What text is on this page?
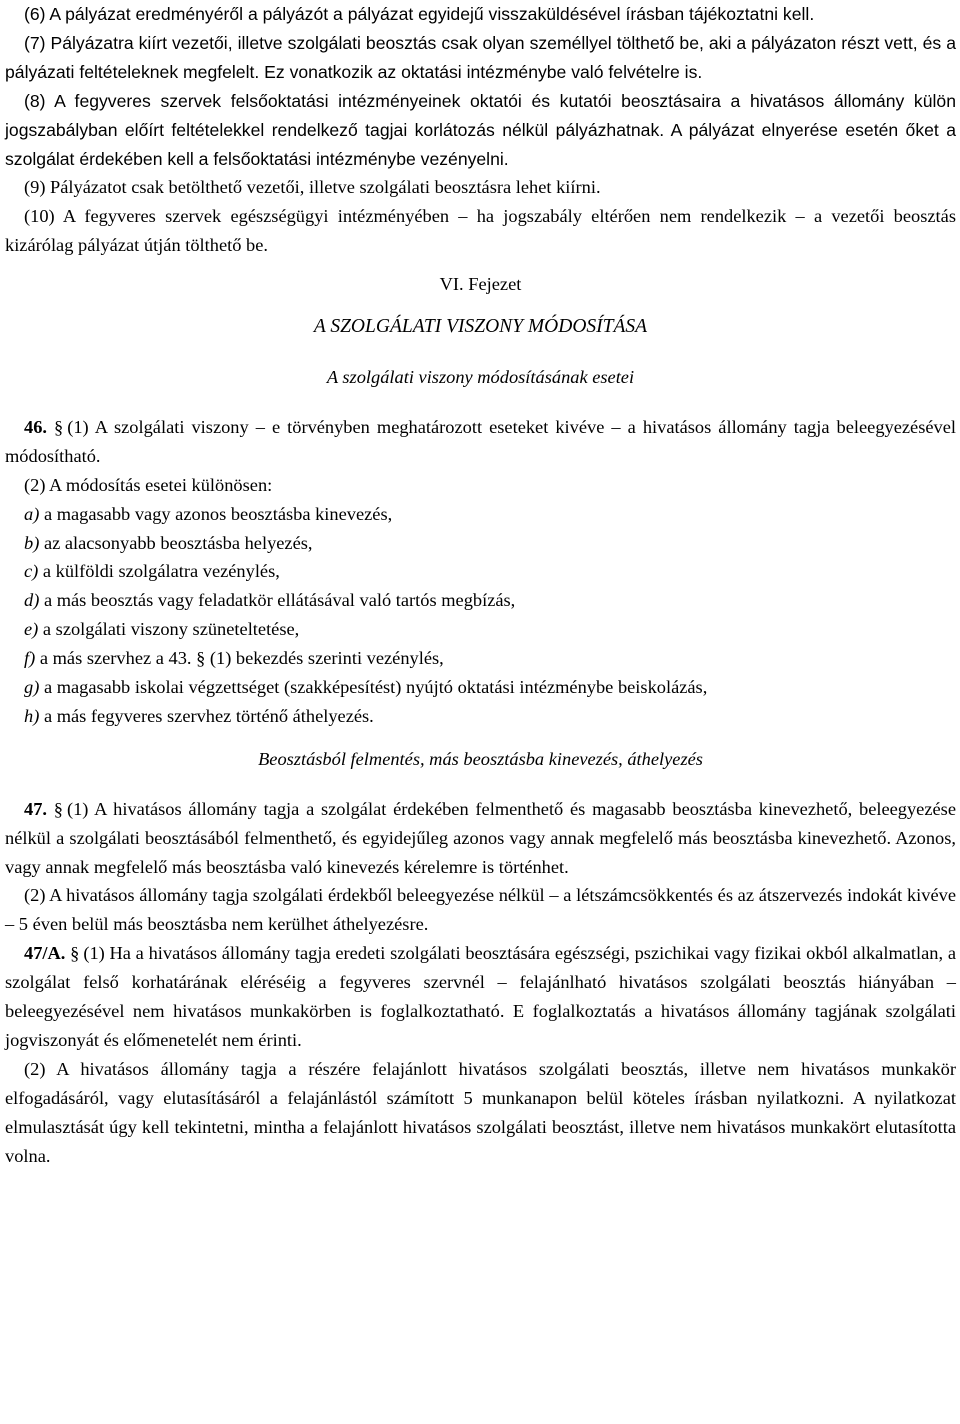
(6) A pályázat eredményéről a pályázót a pályázat egyidejű visszaküldésével írásban tájékoztatni kell.

(7) Pályázatra kiírt vezetői, illetve szolgálati beosztás csak olyan személlyel tölthető be, aki a pályázaton részt vett, és a pályázati feltételeknek megfelelt. Ez vonatkozik az oktatási intézménybe való felvételre is.

(8) A fegyveres szervek felsőoktatási intézményeinek oktatói és kutatói beosztásaira a hivatásos állomány külön jogszabályban előírt feltételekkel rendelkező tagjai korlátozás nélkül pályázhatnak. A pályázat elnyerése esetén őket a szolgálat érdekében kell a felsőoktatási intézménybe vezényelni.

(9) Pályázatot csak betölthető vezetői, illetve szolgálati beosztásra lehet kiírni.

(10) A fegyveres szervek egészségügyi intézményében – ha jogszabály eltérően nem rendelkezik – a vezetői beosztás kizárólag pályázat útján tölthető be.

VI. Fejezet

A SZOLGÁLATI VISZONY MÓDOSÍTÁSA

A szolgálati viszony módosításának esetei

46. § (1) A szolgálati viszony – e törvényben meghatározott eseteket kivéve – a hivatásos állomány tagja beleegyezésével módosítható.

(2) A módosítás esetei különösen:

a) a magasabb vagy azonos beosztásba kinevezés,

b) az alacsonyabb beosztásba helyezés,

c) a külföldi szolgálatra vezénylés,

d) a más beosztás vagy feladatkör ellátásával való tartós megbízás,

e) a szolgálati viszony szüneteltetése,

f) a más szervhez a 43. § (1) bekezdés szerinti vezénylés,

g) a magasabb iskolai végzettséget (szakképesítést) nyújtó oktatási intézménybe beiskolázás,

h) a más fegyveres szervhez történő áthelyezés.

Beosztásból felmentés, más beosztásba kinevezés, áthelyezés

47. § (1) A hivatásos állomány tagja a szolgálat érdekében felmenthető és magasabb beosztásba kinevezhető, beleegyezése nélkül a szolgálati beosztásából felmenthető, és egyidejűleg azonos vagy annak megfelelő más beosztásba kinevezhető. Azonos, vagy annak megfelelő más beosztásba való kinevezés kérelemre is történhet.

(2) A hivatásos állomány tagja szolgálati érdekből beleegyezése nélkül – a létszámcsökkentés és az átszervezés indokát kivéve – 5 éven belül más beosztásba nem kerülhet áthelyezésre.

47/A. § (1) Ha a hivatásos állomány tagja eredeti szolgálati beosztására egészségi, pszichikai vagy fizikai okból alkalmatlan, a szolgálat felső korhatárának eléréséig a fegyveres szervnél – felajánlható hivatásos szolgálati beosztás hiányában – beleegyezésével nem hivatásos munkakörben is foglalkoztatható. E foglalkoztatás a hivatásos állomány tagjának szolgálati jogviszonyát és előmenetelét nem érinti.

(2) A hivatásos állomány tagja a részére felajánlott hivatásos szolgálati beosztás, illetve nem hivatásos munkakör elfogadásáról, vagy elutasításáról a felajánlástól számított 5 munkanapon belül köteles írásban nyilatkozni. A nyilatkozat elmulasztását úgy kell tekintetni, mintha a felajánlott hivatásos szolgálati beosztást, illetve nem hivatásos munkakört elutasította volna.
